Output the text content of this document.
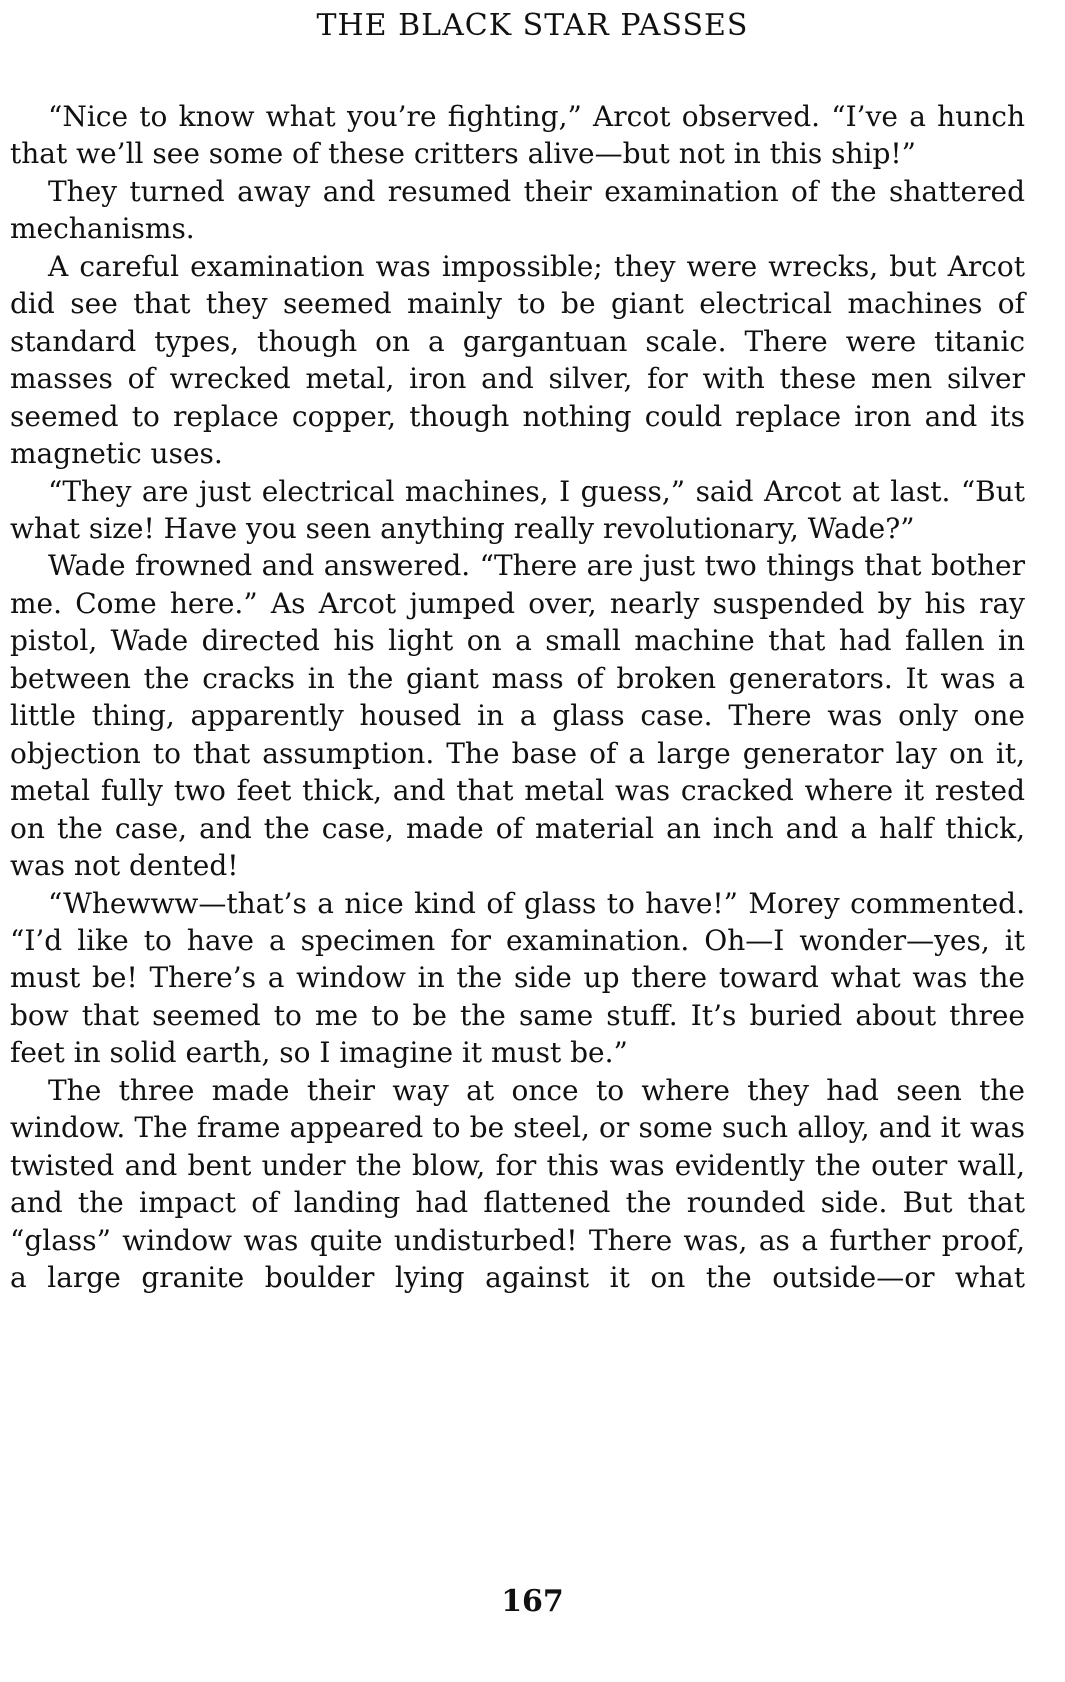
THE BLACK STAR PASSES

“Nice to know what you’re fighting,” Arcot observed. “I’ve a hunch that we’ll see some of these critters alive—but not in this ship!”

They turned away and resumed their examination of the shattered mechanisms.

A careful examination was impossible; they were wrecks, but Arcot did see that they seemed mainly to be giant electrical machines of standard types, though on a gargantuan scale. There were titanic masses of wrecked metal, iron and silver, for with these men silver seemed to replace copper, though nothing could replace iron and its magnetic uses.

“They are just electrical machines, I guess,” said Arcot at last. “But what size! Have you seen anything really revolutionary, Wade?”

Wade frowned and answered. “There are just two things that bother me. Come here.” As Arcot jumped over, nearly suspended by his ray pistol, Wade directed his light on a small machine that had fallen in between the cracks in the giant mass of broken generators. It was a little thing, apparently housed in a glass case. There was only one objection to that assumption. The base of a large generator lay on it, metal fully two feet thick, and that metal was cracked where it rested on the case, and the case, made of material an inch and a half thick, was not dented!

“Whewww—that’s a nice kind of glass to have!” Morey commented. “I’d like to have a specimen for examination. Oh—I wonder—yes, it must be! There’s a window in the side up there toward what was the bow that seemed to me to be the same stuff. It’s buried about three feet in solid earth, so I imagine it must be.”

The three made their way at once to where they had seen the window. The frame appeared to be steel, or some such alloy, and it was twisted and bent under the blow, for this was evidently the outer wall, and the impact of landing had flattened the rounded side. But that “glass” window was quite undisturbed! There was, as a further proof, a large granite boulder lying against it on the outside—or what

167
